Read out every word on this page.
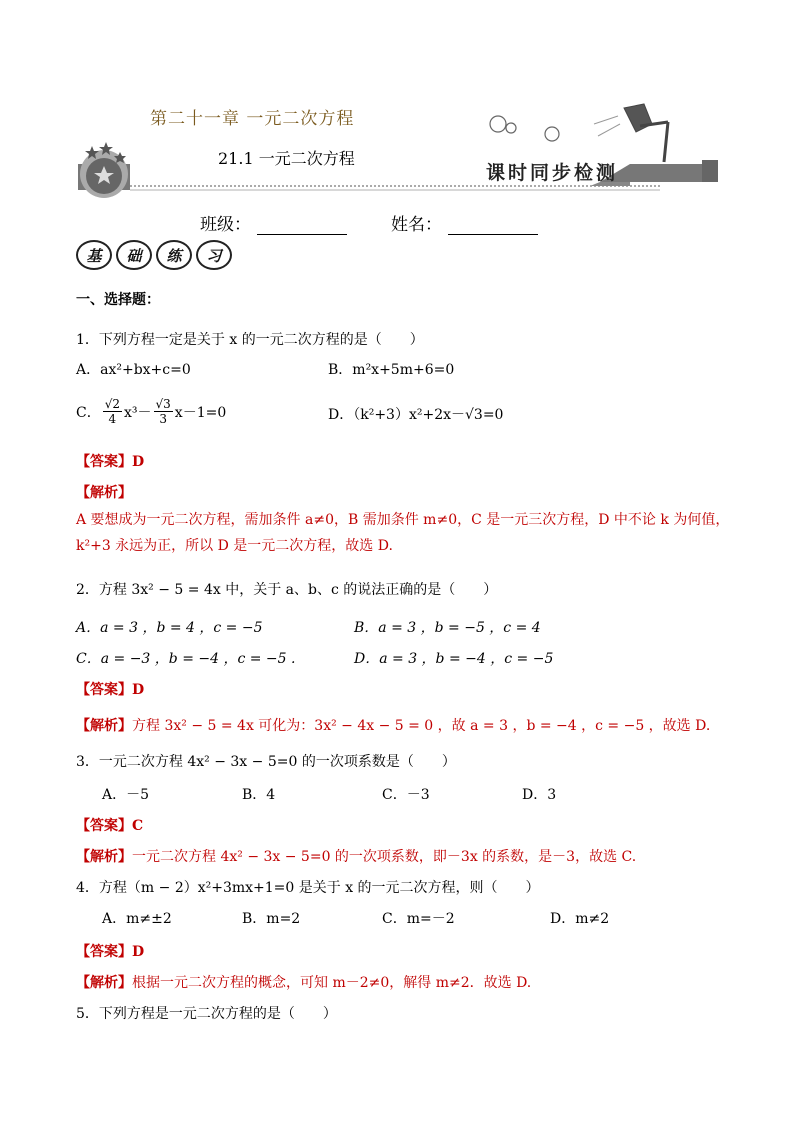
第二十一章 一元二次方程
21.1 一元二次方程
课时同步检测
班级：	姓名：
基	础	练	习
一、选择题：
1．下列方程一定是关于 x 的一元二次方程的是（　　）
A．ax²+bx+c=0	B．m²x+5m+6=0
C． $\frac{√2}{4} x^3- \frac{√3}{3} x-1=0$	D．（k²+3）x²+2x－√3=0
【答案】D
【解析】
A 要想成为一元二次方程，需加条件 a≠0，B 需加条件 m≠0，C 是一元三次方程，D 中不论 k 为何值，k²+3 永远为正，所以 D 是一元二次方程，故选 D.
2．方程 3x² − 5 = 4x 中，关于 a、b、c 的说法正确的是（　　）
A．a = 3 ，b = 4 ，c = −5	B．a = 3 ，b = −5 ，c = 4
C．a = −3 ，b = −4 ，c = −5 .	D．a = 3 ，b = −4 ，c = −5
【答案】D
【解析】方程 3x² − 5 = 4x 可化为：3x² − 4x − 5 = 0 ，故 a = 3 ，b = −4 ，c = −5 ，故选 D.
3．一元二次方程 4x² − 3x − 5=0 的一次项系数是（　　）
A．－5	B．4	C．－3	D．3
【答案】C
【解析】一元二次方程 4x² − 3x − 5=0 的一次项系数，即－3x 的系数，是－3，故选 C.
4．方程（m − 2）x²+3mx+1=0 是关于 x 的一元二次方程，则（　　）
A．m≠±2	B．m=2	C．m=－2	D．m≠2
【答案】D
【解析】根据一元二次方程的概念，可知 m－2≠0，解得 m≠2．故选 D.
5．下列方程是一元二次方程的是（　　）
